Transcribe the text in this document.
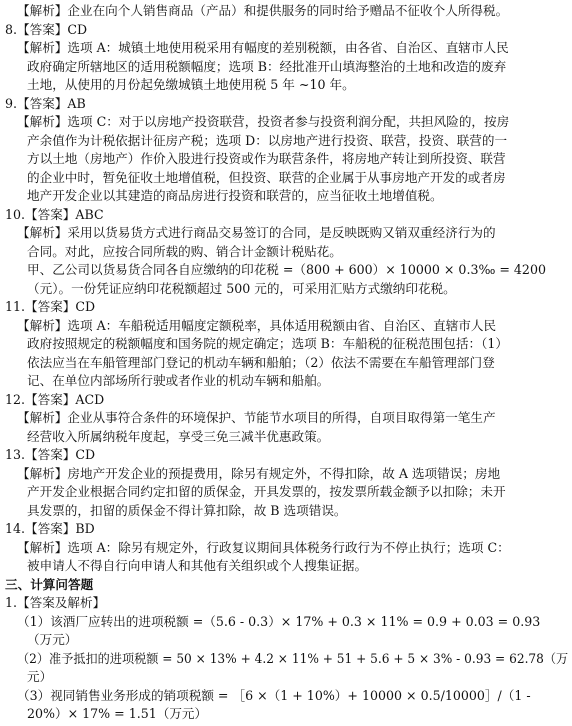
【解析】企业在向个人销售商品（产品）和提供服务的同时给予赠品不征收个人所得税。
8.【答案】CD
【解析】选项 A：城镇土地使用税采用有幅度的差别税额，由各省、自治区、直辖市人民
政府确定所辖地区的适用税额幅度；选项 B：经批准开山填海整治的土地和改造的废弃
土地，从使用的月份起免缴城镇土地使用税 5 年 ~10 年。
9.【答案】AB
【解析】选项 C：对于以房地产投资联营，投资者参与投资利润分配，共担风险的，按房
产余值作为计税依据计征房产税；选项 D：以房地产进行投资、联营，投资、联营的一
方以土地（房地产）作价入股进行投资或作为联营条件，将房地产转让到所投资、联营
的企业中时，暂免征收土地增值税，但投资、联营的企业属于从事房地产开发的或者房
地产开发企业以其建造的商品房进行投资和联营的，应当征收土地增值税。
10.【答案】ABC
【解析】采用以货易货方式进行商品交易签订的合同，是反映既购又销双重经济行为的
合同。对此，应按合同所载的购、销合计金额计税贴花。
甲、乙公司以货易货合同各自应缴纳的印花税 =（800 + 600）× 10000 × 0.3‰ = 4200
（元）。一份凭证应纳印花税额超过 500 元的，可采用汇贴方式缴纳印花税。
11.【答案】CD
【解析】选项 A：车船税适用幅度定额税率，具体适用税额由省、自治区、直辖市人民
政府按照规定的税额幅度和国务院的规定确定；选项 B：车船税的征税范围包括：（1）
依法应当在车船管理部门登记的机动车辆和船舶；（2）依法不需要在车船管理部门登
记、在单位内部场所行驶或者作业的机动车辆和船舶。
12.【答案】ACD
【解析】企业从事符合条件的环境保护、节能节水项目的所得，自项目取得第一笔生产
经营收入所属纳税年度起，享受三免三减半优惠政策。
13.【答案】CD
【解析】房地产开发企业的预提费用，除另有规定外，不得扣除，故 A 选项错误；房地
产开发企业根据合同约定扣留的质保金，开具发票的，按发票所载金额予以扣除；未开
具发票的，扣留的质保金不得计算扣除，故 B 选项错误。
14.【答案】BD
【解析】选项 A：除另有规定外，行政复议期间具体税务行政行为不停止执行；选项 C：
被申请人不得自行向申请人和其他有关组织或个人搜集证据。
三、计算问答题
1.【答案及解析】
（1）该酒厂应转出的进项税额 =（5.6 - 0.3）× 17% + 0.3 × 11% = 0.9 + 0.03 = 0.93
（万元）
（2）准予抵扣的进项税额 = 50 × 13% + 4.2 × 11% + 51 + 5.6 + 5 × 3% - 0.93 = 62.78（万
元）
（3）视同销售业务形成的销项税额 = ［6 ×（1 + 10%）+ 10000 × 0.5/10000］/（1 -
20%）× 17% = 1.51（万元）
